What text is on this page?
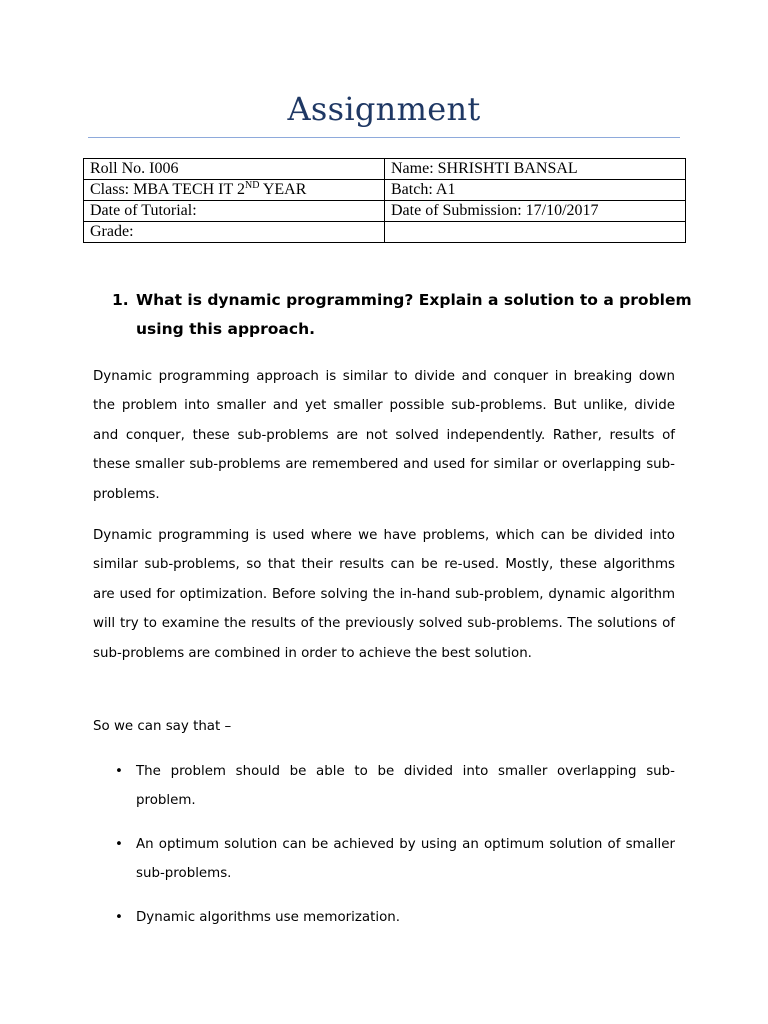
Assignment
Roll No. I006	Name: SHRISHTI BANSAL
Class: MBA TECH IT 2ND YEAR	Batch: A1
Date of Tutorial:	Date of Submission: 17/10/2017
Grade:	
1. What is dynamic programming? Explain a solution to a problem using this approach.
Dynamic programming approach is similar to divide and conquer in breaking down the problem into smaller and yet smaller possible sub-problems. But unlike, divide and conquer, these sub-problems are not solved independently. Rather, results of these smaller sub-problems are remembered and used for similar or overlapping sub-problems.
Dynamic programming is used where we have problems, which can be divided into similar sub-problems, so that their results can be re-used. Mostly, these algorithms are used for optimization. Before solving the in-hand sub-problem, dynamic algorithm will try to examine the results of the previously solved sub-problems. The solutions of sub-problems are combined in order to achieve the best solution.
So we can say that –
• The problem should be able to be divided into smaller overlapping sub-problem.
• An optimum solution can be achieved by using an optimum solution of smaller sub-problems.
• Dynamic algorithms use memorization.
